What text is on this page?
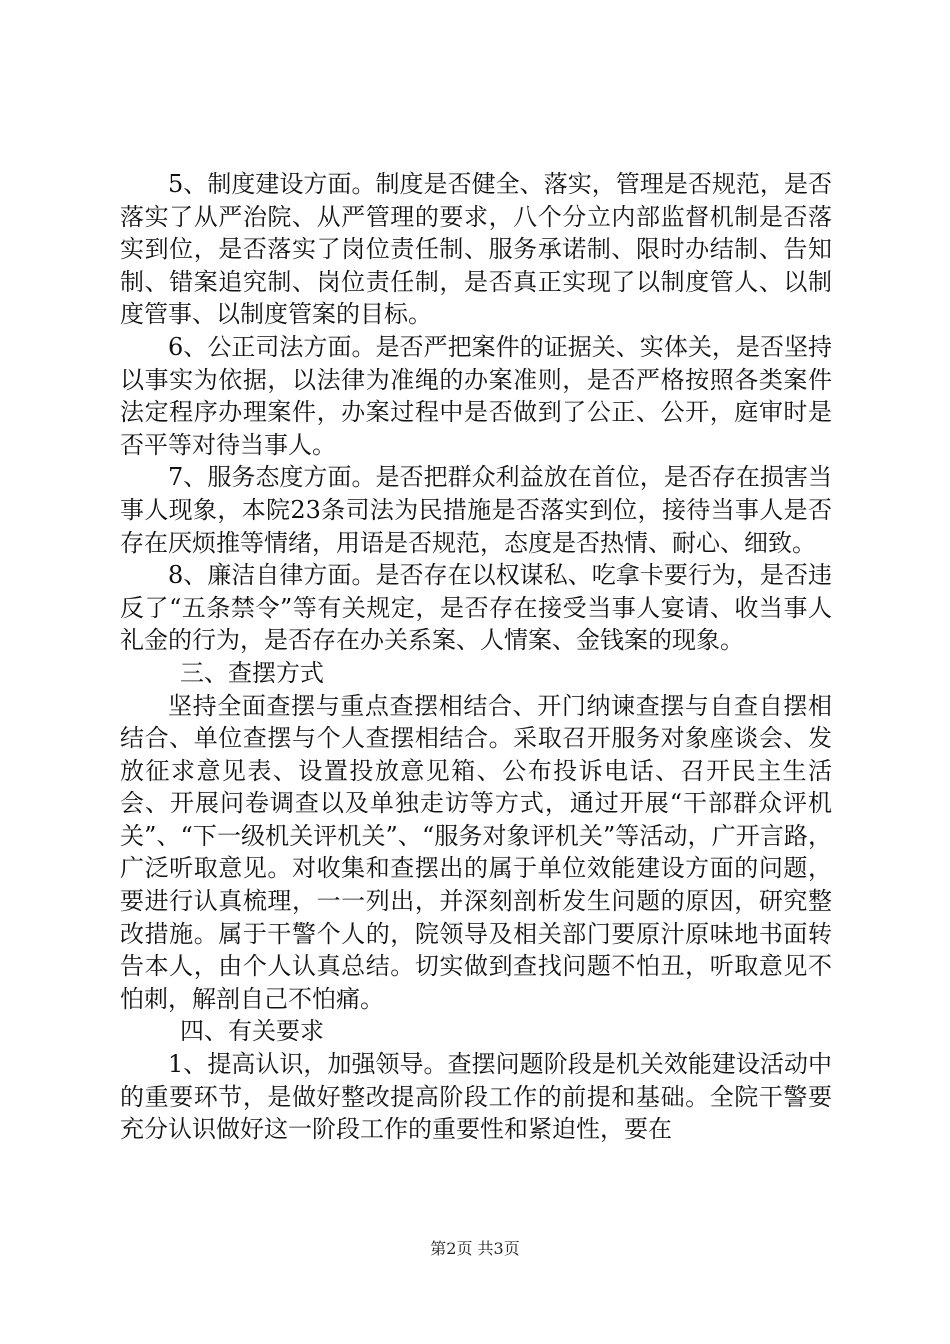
5、制度建设方面。制度是否健全、落实，管理是否规范，是否落实了从严治院、从严管理的要求，八个分立内部监督机制是否落实到位，是否落实了岗位责任制、服务承诺制、限时办结制、告知制、错案追究制、岗位责任制，是否真正实现了以制度管人、以制度管事、以制度管案的目标。

6、公正司法方面。是否严把案件的证据关、实体关，是否坚持以事实为依据，以法律为准绳的办案准则，是否严格按照各类案件法定程序办理案件，办案过程中是否做到了公正、公开，庭审时是否平等对待当事人。

7、服务态度方面。是否把群众利益放在首位，是否存在损害当事人现象，本院23条司法为民措施是否落实到位，接待当事人是否存在厌烦推等情绪，用语是否规范，态度是否热情、耐心、细致。

8、廉洁自律方面。是否存在以权谋私、吃拿卡要行为，是否违反了“五条禁令”等有关规定，是否存在接受当事人宴请、收当事人礼金的行为，是否存在办关系案、人情案、金钱案的现象。

三、查摆方式

坚持全面查摆与重点查摆相结合、开门纳谏查摆与自查自摆相结合、单位查摆与个人查摆相结合。采取召开服务对象座谈会、发放征求意见表、设置投放意见箱、公布投诉电话、召开民主生活会、开展问卷调查以及单独走访等方式，通过开展“干部群众评机关”、“下一级机关评机关”、“服务对象评机关”等活动，广开言路，广泛听取意见。对收集和查摆出的属于单位效能建设方面的问题，要进行认真梳理，一一列出，并深刻剖析发生问题的原因，研究整改措施。属于干警个人的，院领导及相关部门要原汁原味地书面转告本人，由个人认真总结。切实做到查找问题不怕丑，听取意见不怕刺，解剖自己不怕痛。

四、有关要求

1、提高认识，加强领导。查摆问题阶段是机关效能建设活动中的重要环节，是做好整改提高阶段工作的前提和基础。全院干警要充分认识做好这一阶段工作的重要性和紧迫性，要在

第2页 共3页
